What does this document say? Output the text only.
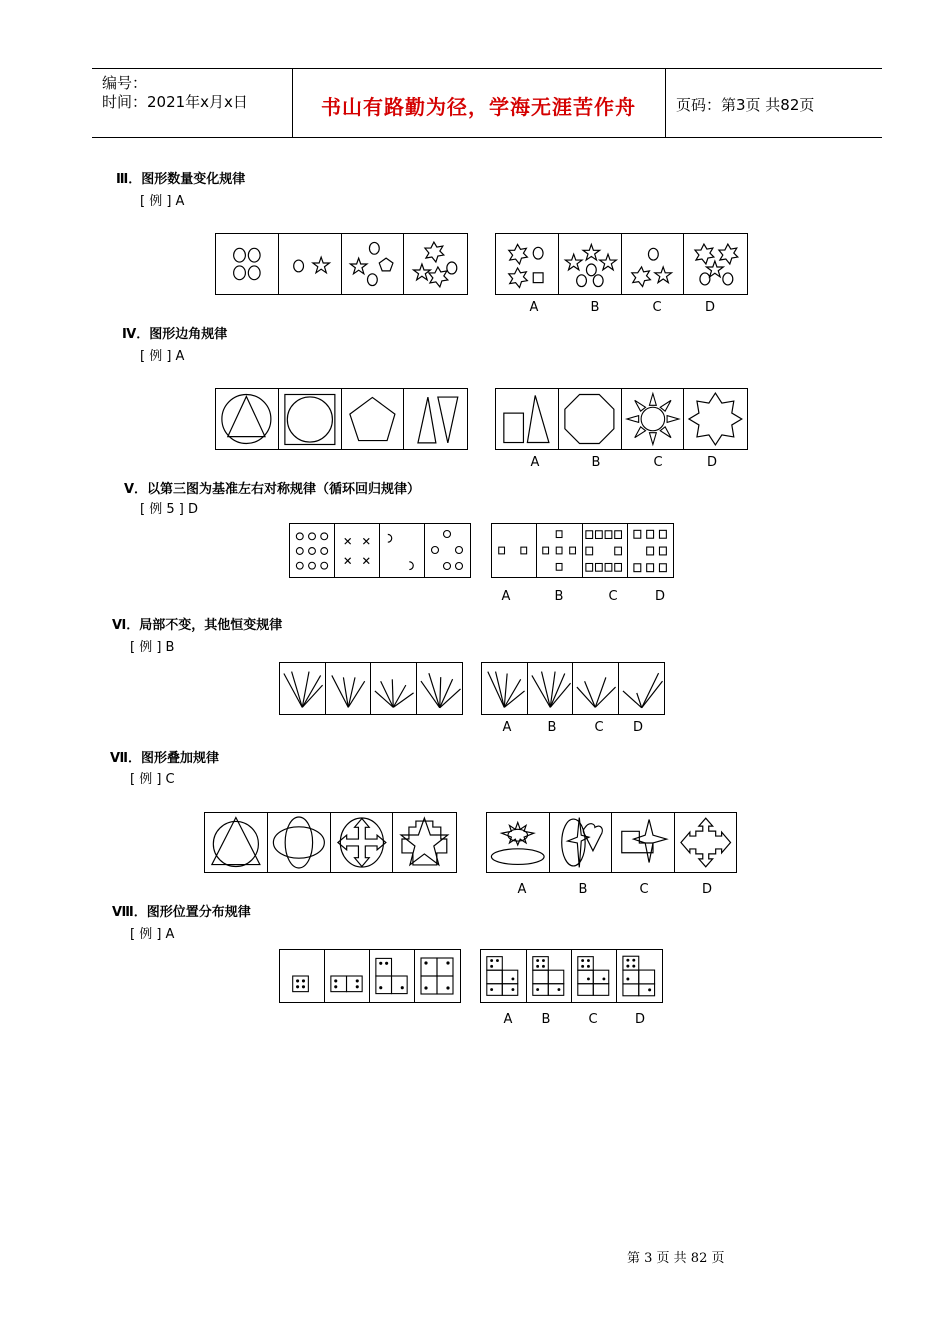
编号：
时间：2021年x月x日	书山有路勤为径，学海无涯苦作舟	页码：第3页 共82页
Ⅲ．图形数量变化规律
[ 例 ] A
A	B	C	D
Ⅳ．图形边角规律
[ 例 ] A
A	B	C	D
Ⅴ．以第三图为基准左右对称规律（循环回归规律）
[ 例 5 ] D
A	B	C	D
Ⅵ．局部不变，其他恒变规律
[ 例 ] B
A	B	C	D
Ⅶ．图形叠加规律
[ 例 ] C
A	B	C	D
Ⅷ．图形位置分布规律
[ 例 ] A
A	B	C	D
第 3 页 共 82 页
